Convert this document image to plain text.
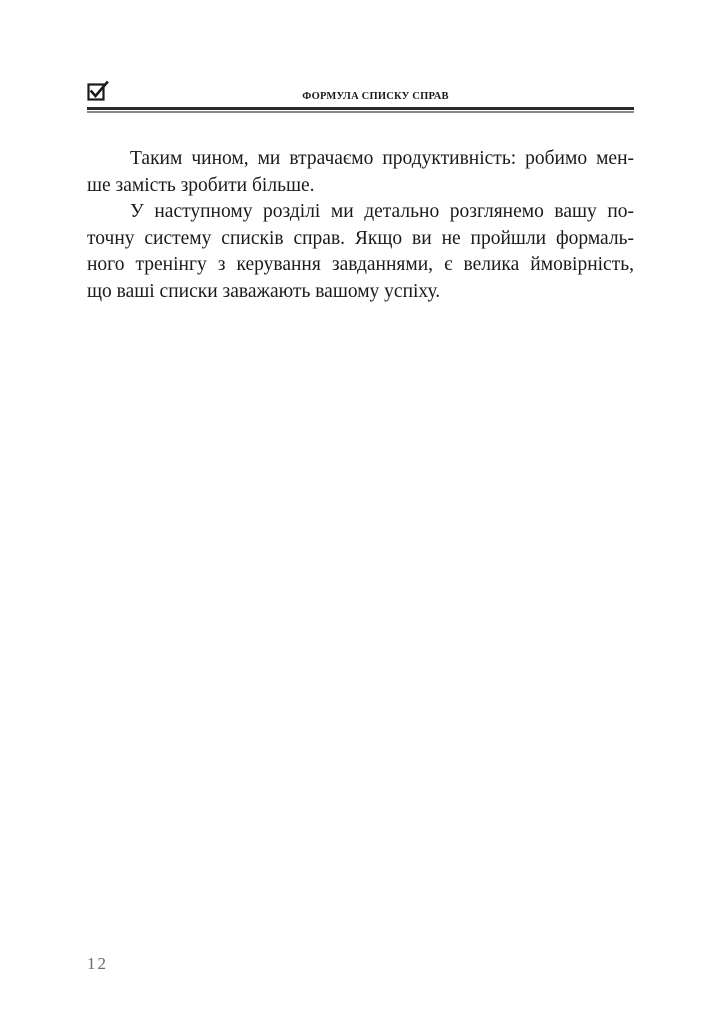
ФОРМУЛА СПИСКУ СПРАВ

Таким чином, ми втрачаємо продуктивність: робимо мен-
ше замість зробити більше.

У наступному розділі ми детально розглянемо вашу по-
точну систему списків справ. Якщо ви не пройшли формаль-
ного тренінгу з керування завданнями, є велика ймовірність,
що ваші списки заважають вашому успіху.

12
